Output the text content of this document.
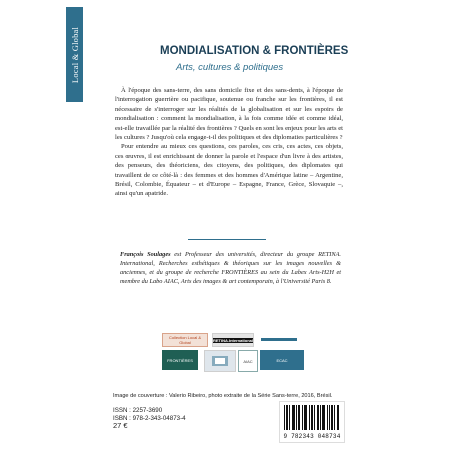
Local & Global	MONDIALISATION & FRONTIÈRES
Arts, cultures & politiques

À l'époque des sans-terre, des sans domicile fixe et des sans-dents, à l'époque de l'interrogation guerrière ou pacifique, soutenue ou franche sur les frontières, il est nécessaire de s'interroger sur les réalités de la globalisation et sur les espoirs de mondialisation : comment la mondialisation, à la fois comme idée et comme idéal, est-elle travaillée par la réalité des frontières ? Quels en sont les enjeux pour les arts et les cultures ? Jusqu'où cela engage-t-il des politiques et des diplomaties particulières ?

Pour entendre au mieux ces questions, ces paroles, ces cris, ces actes, ces objets, ces œuvres, il est enrichissant de donner la parole et l'espace d'un livre à des artistes, des penseurs, des théoriciens, des citoyens, des politiques, des diplomates qui travaillent de ce côté-là : des femmes et des hommes d'Amérique latine – Argentine, Brésil, Colombie, Équateur – et d'Europe – Espagne, France, Grèce, Slovaquie –, ainsi qu'un apatride.

François Soulages est Professeur des universités, directeur du groupe RETINA. International, Recherches esthétiques & théoriques sur les images nouvelles & anciennes, et du groupe de recherche FRONTIÈRES au sein du Labex Arts-H2H et membre du Labo AIAC, Arts des images & art contemporain, à l'Université Paris 8.
Collection Local & Global	RETINA.International
FRONTIÈRES	AIAC	ECAC
Image de couverture : Valerio Ribeiro, photo extraite de la Série Sans-terre, 2016, Brésil.
ISSN : 2257-3690
ISBN : 978-2-343-04873-4
27 €
9 782343 048734
